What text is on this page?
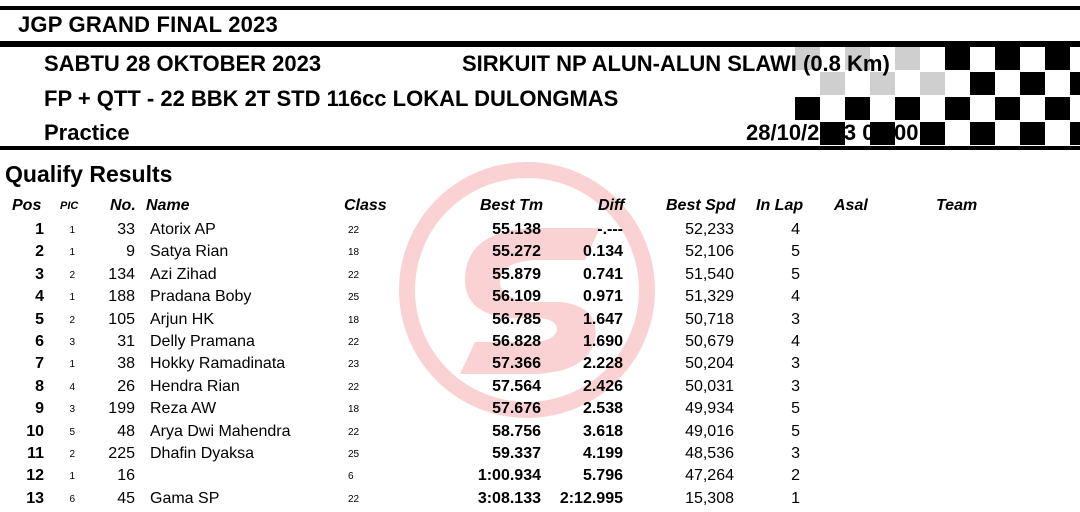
JGP GRAND FINAL 2023
SABTU 28 OKTOBER 2023	SIRKUIT NP ALUN-ALUN SLAWI (0.8 Km)
FP + QTT - 22 BBK 2T STD 116cc LOKAL DULONGMAS
Practice	28/10/2023 09:00
Qualify Results
Pos PIC No. Name	Class	Best Tm	Diff	Best Spd In Lap Asal	Team
1	1	33 Atorix AP	22	55.138	-.---	52,233	4
2	1	9 Satya Rian	18	55.272	0.134	52,106	5
3	2	134 Azi Zihad	22	55.879	0.741	51,540	5
4	1	188 Pradana Boby	25	56.109	0.971	51,329	4
5	2	105 Arjun HK	18	56.785	1.647	50,718	3
6	3	31 Delly Pramana	22	56.828	1.690	50,679	4
7	1	38 Hokky Ramadinata	23	57.366	2.228	50,204	3
8	4	26 Hendra Rian	22	57.564	2.426	50,031	3
9	3	199 Reza AW	18	57.676	2.538	49,934	5
10	5	48 Arya Dwi Mahendra	22	58.756	3.618	49,016	5
11	2	225 Dhafin Dyaksa	25	59.337	4.199	48,536	3
12	1	16	6	1:00.934	5.796	47,264	2
13	6	45 Gama SP	22	3:08.133	2:12.995	15,308	1
